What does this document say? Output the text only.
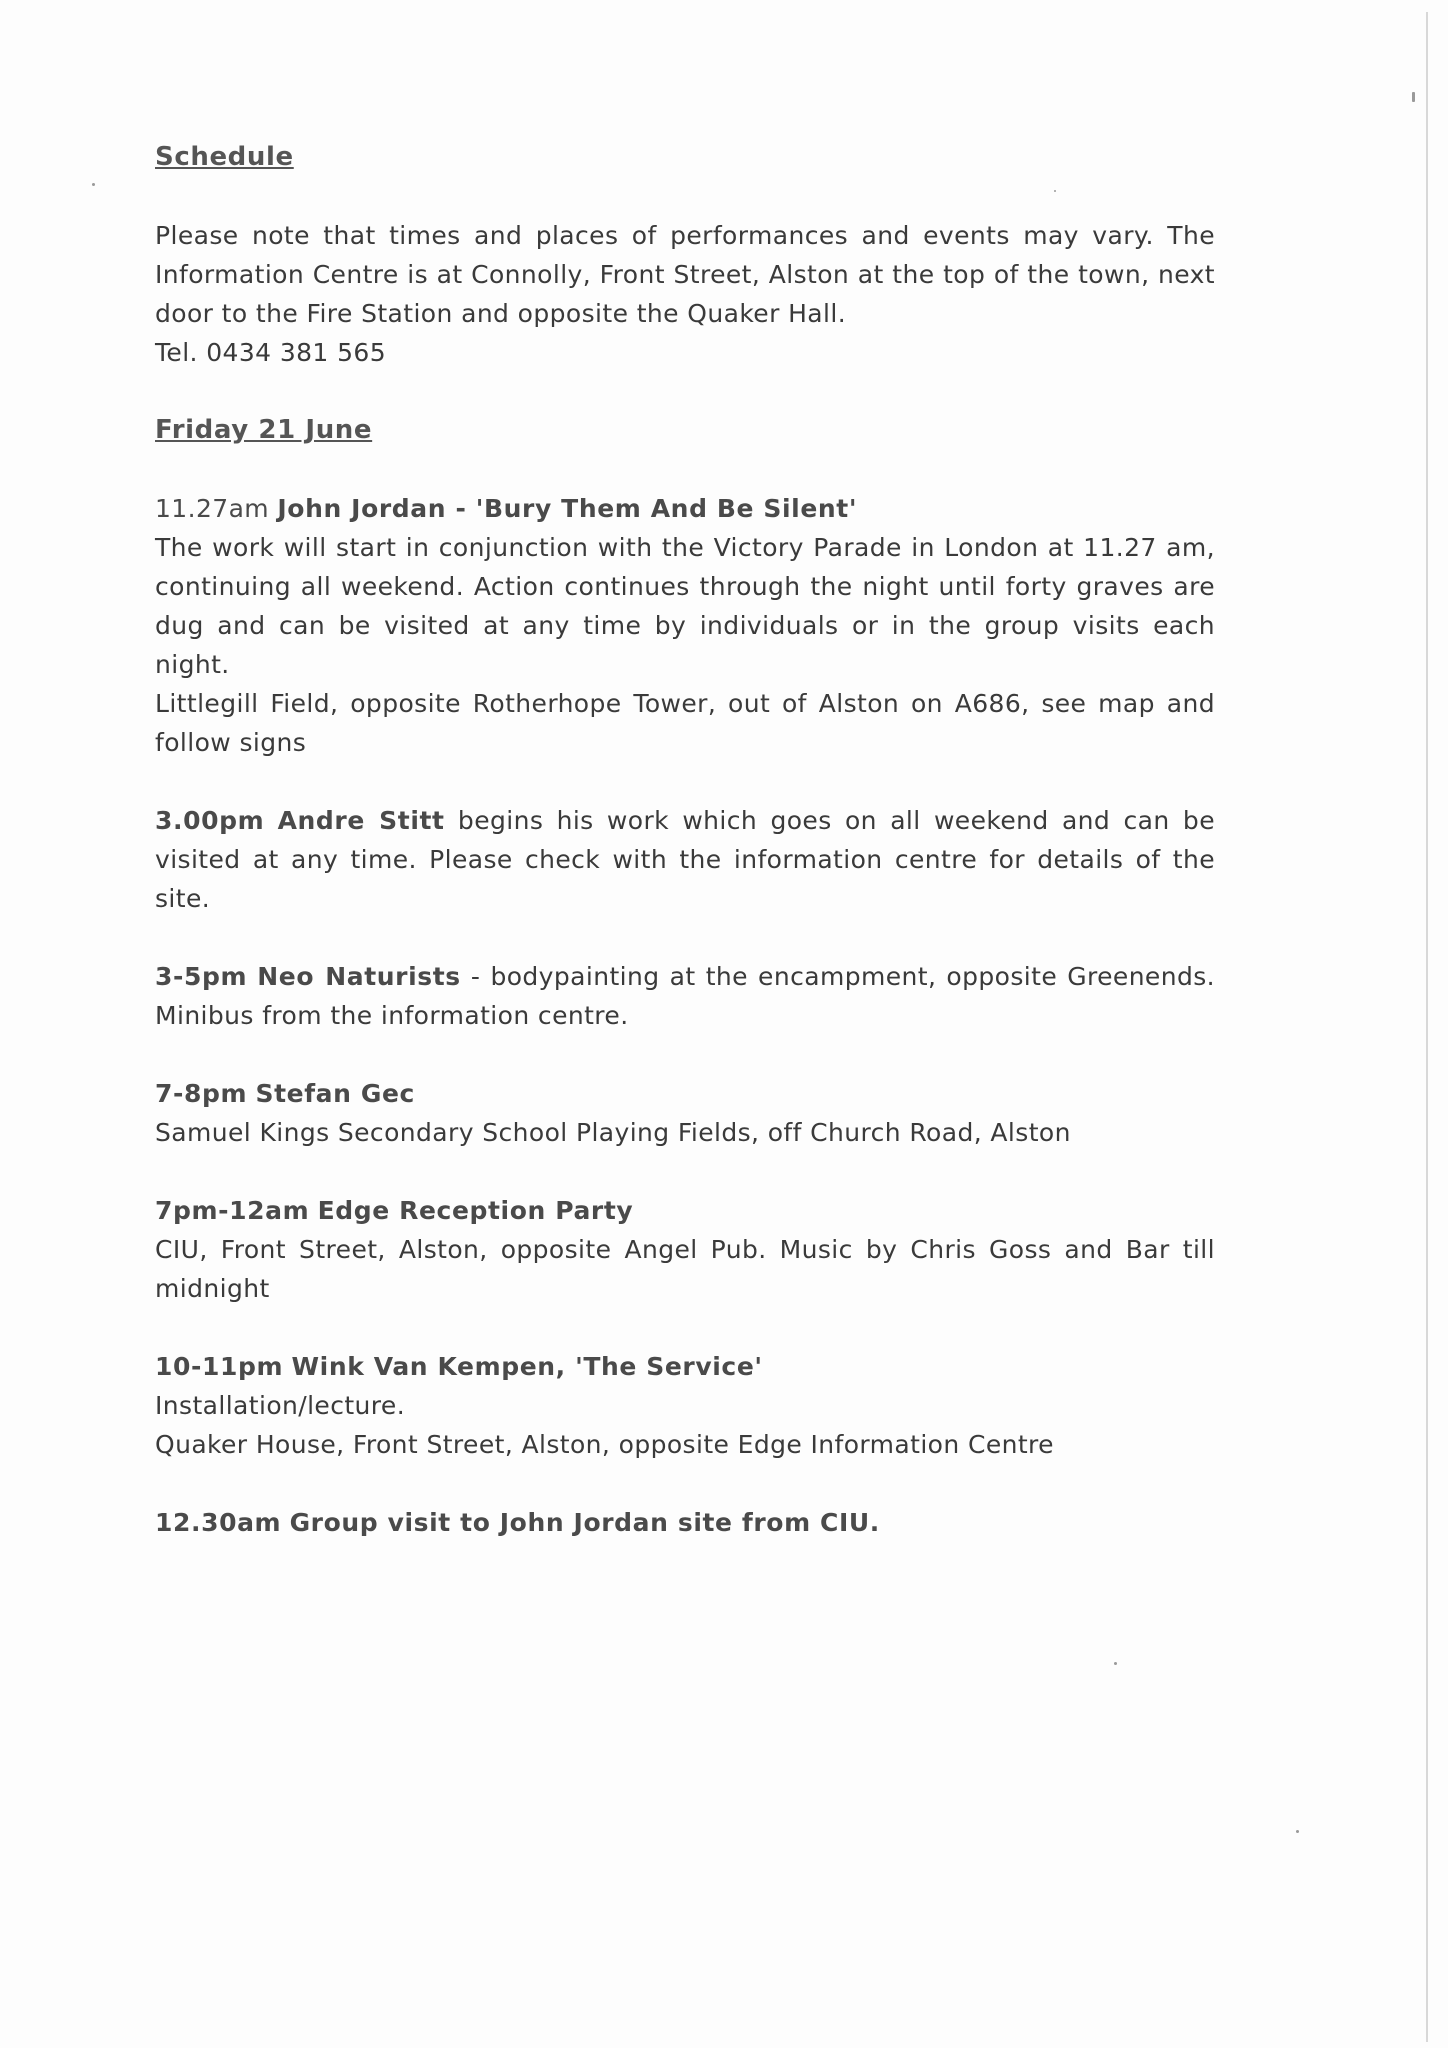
Schedule

Please note that times and places of performances and events may vary. The Information Centre is at Connolly, Front Street, Alston at the top of the town, next door to the Fire Station and opposite the Quaker Hall.

Tel. 0434 381 565

Friday 21 June

11.27am John Jordan - 'Bury Them And Be Silent'

The work will start in conjunction with the Victory Parade in London at 11.27 am, continuing all weekend. Action continues through the night until forty graves are dug and can be visited at any time by individuals or in the group visits each night.

Littlegill Field, opposite Rotherhope Tower, out of Alston on A686, see map and follow signs

3.00pm Andre Stitt begins his work which goes on all weekend and can be visited at any time. Please check with the information centre for details of the site.

3-5pm Neo Naturists - bodypainting at the encampment, opposite Greenends. Minibus from the information centre.

7-8pm Stefan Gec

Samuel Kings Secondary School Playing Fields, off Church Road, Alston

7pm-12am Edge Reception Party

CIU, Front Street, Alston, opposite Angel Pub. Music by Chris Goss and Bar till midnight

10-11pm Wink Van Kempen, 'The Service'

Installation/lecture.

Quaker House, Front Street, Alston, opposite Edge Information Centre

12.30am Group visit to John Jordan site from CIU.
